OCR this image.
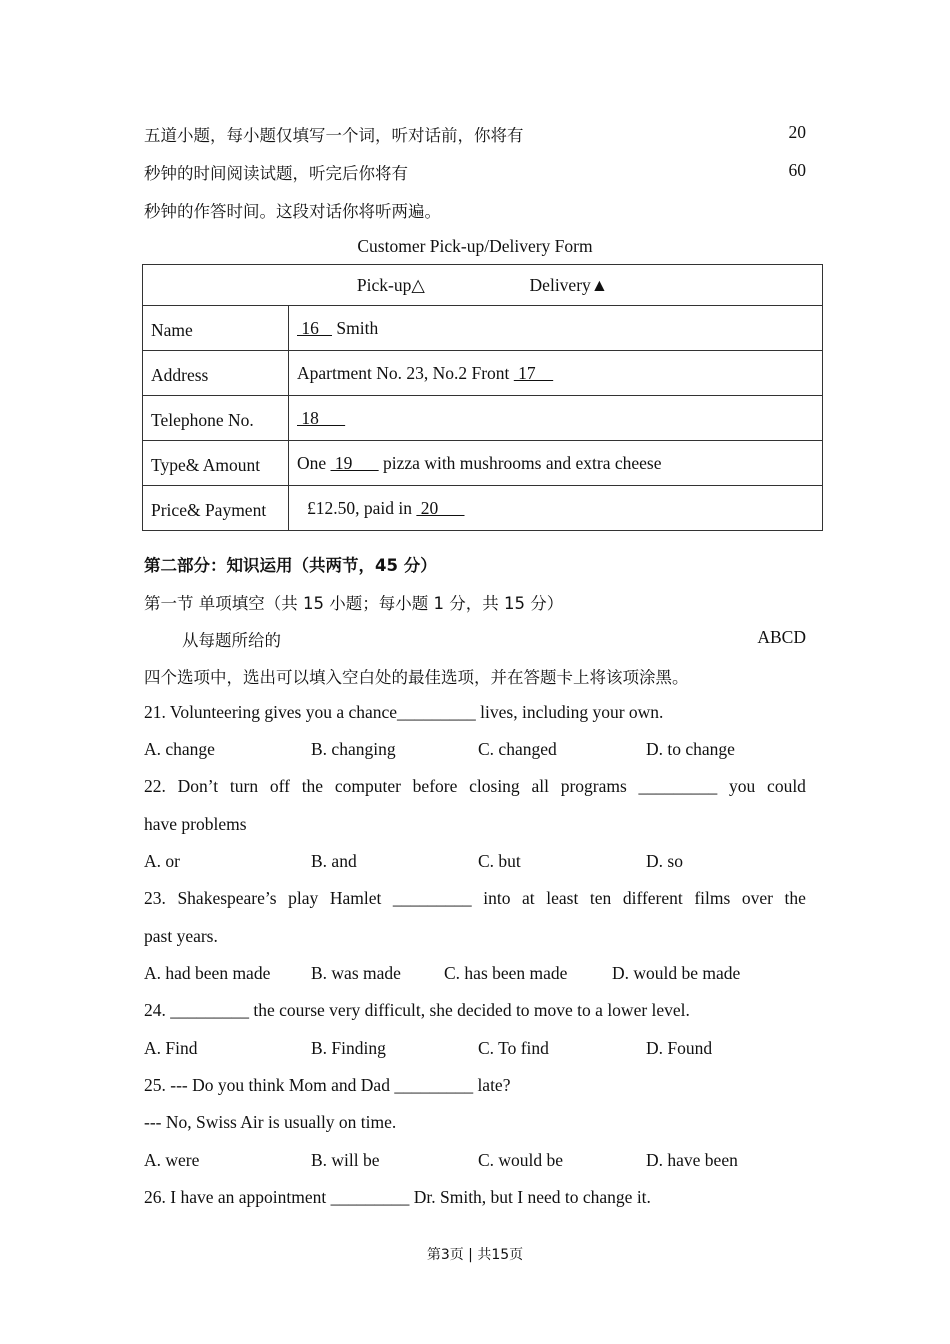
五道小题，每小题仅填写一个词，听对话前，你将有	20
秒钟的时间阅读试题，听完后你将有	60
秒钟的作答时间。这段对话你将听两遍。
Customer Pick-up/Delivery Form
Pick-up△ Delivery▲	
Name	16    Smith
Address	Apartment No. 23, No.2 Front  17
Telephone No.	18
Type& Amount	One  19       pizza with mushrooms and extra cheese
Price& Payment	£12.50, paid in  20
第二部分：知识运用（共两节，45 分）
第一节 单项填空（共 15 小题；每小题 1 分，共 15 分）
从每题所给的	ABCD
四个选项中，选出可以填入空白处的最佳选项，并在答题卡上将该项涂黑。
21. Volunteering gives you a chance_________ lives, including your own.
A. change	B. changing	C. changed	D. to change
22. Don’t turn off the computer before closing all programs _________ you could
have problems
A. or	B. and	C. but	D. so
23. Shakespeare’s play Hamlet _________ into at least ten different films over the
past years.
A. had been made B. was made C. has been made	D. would be made
24. _________ the course very difficult, she decided to move to a lower level.
A. Find	B. Finding	C. To find	D. Found
25. --- Do you think Mom and Dad _________ late?
--- No, Swiss Air is usually on time.
A. were	B. will be	C. would be	D. have been
26. I have an appointment _________ Dr. Smith, but I need to change it.
第3页 | 共15页
